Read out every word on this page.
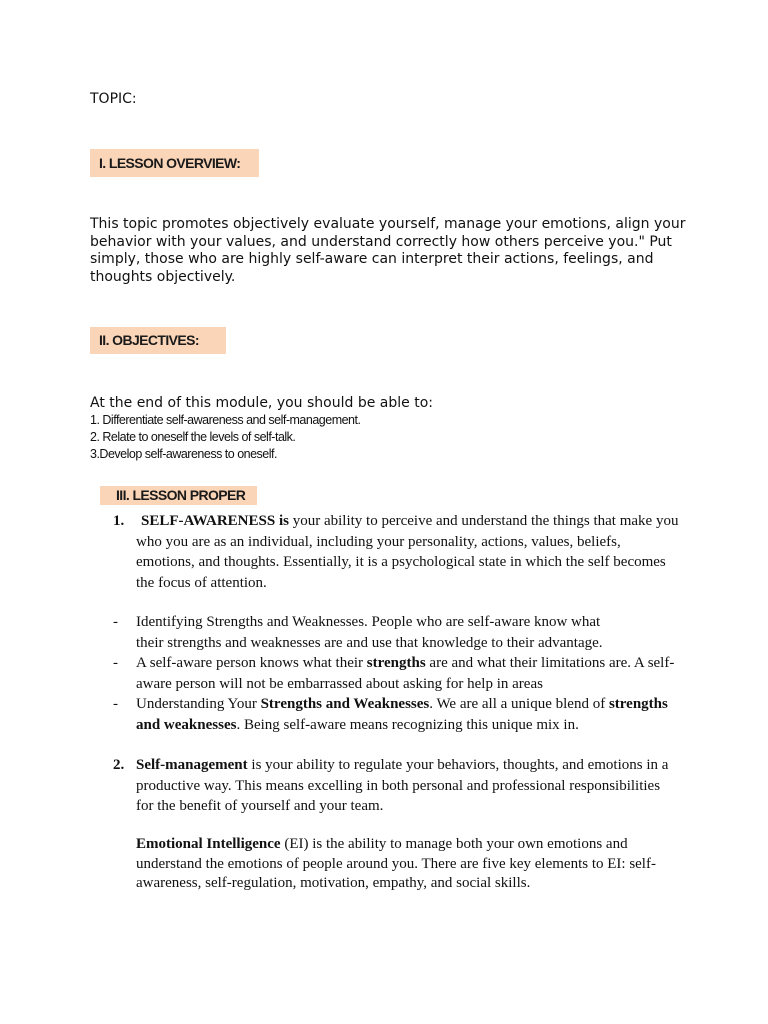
TOPIC:
I. LESSON OVERVIEW:
This topic promotes objectively evaluate yourself, manage your emotions, align your behavior with your values, and understand correctly how others perceive you." Put simply, those who are highly self-aware can interpret their actions, feelings, and thoughts objectively.
II. OBJECTIVES:
At the end of this module, you should be able to:
1. Differentiate self-awareness and self-management.
2. Relate to oneself the levels of self-talk.
3.Develop self-awareness to oneself.
III. LESSON PROPER
1.	SELF-AWARENESS is your ability to perceive and understand the things that make you who you are as an individual, including your personality, actions, values, beliefs, emotions, and thoughts. Essentially, it is a psychological state in which the self becomes the focus of attention.
- Identifying Strengths and Weaknesses. People who are self-aware know what their strengths and weaknesses are and use that knowledge to their advantage.
- A self-aware person knows what their strengths are and what their limitations are. A self-aware person will not be embarrassed about asking for help in areas
- Understanding Your Strengths and Weaknesses. We are all a unique blend of strengths and weaknesses. Being self-aware means recognizing this unique mix in.
2. Self-management is your ability to regulate your behaviors, thoughts, and emotions in a productive way. This means excelling in both personal and professional responsibilities for the benefit of yourself and your team.
Emotional Intelligence (EI) is the ability to manage both your own emotions and understand the emotions of people around you. There are five key elements to EI: self-awareness, self-regulation, motivation, empathy, and social skills.
